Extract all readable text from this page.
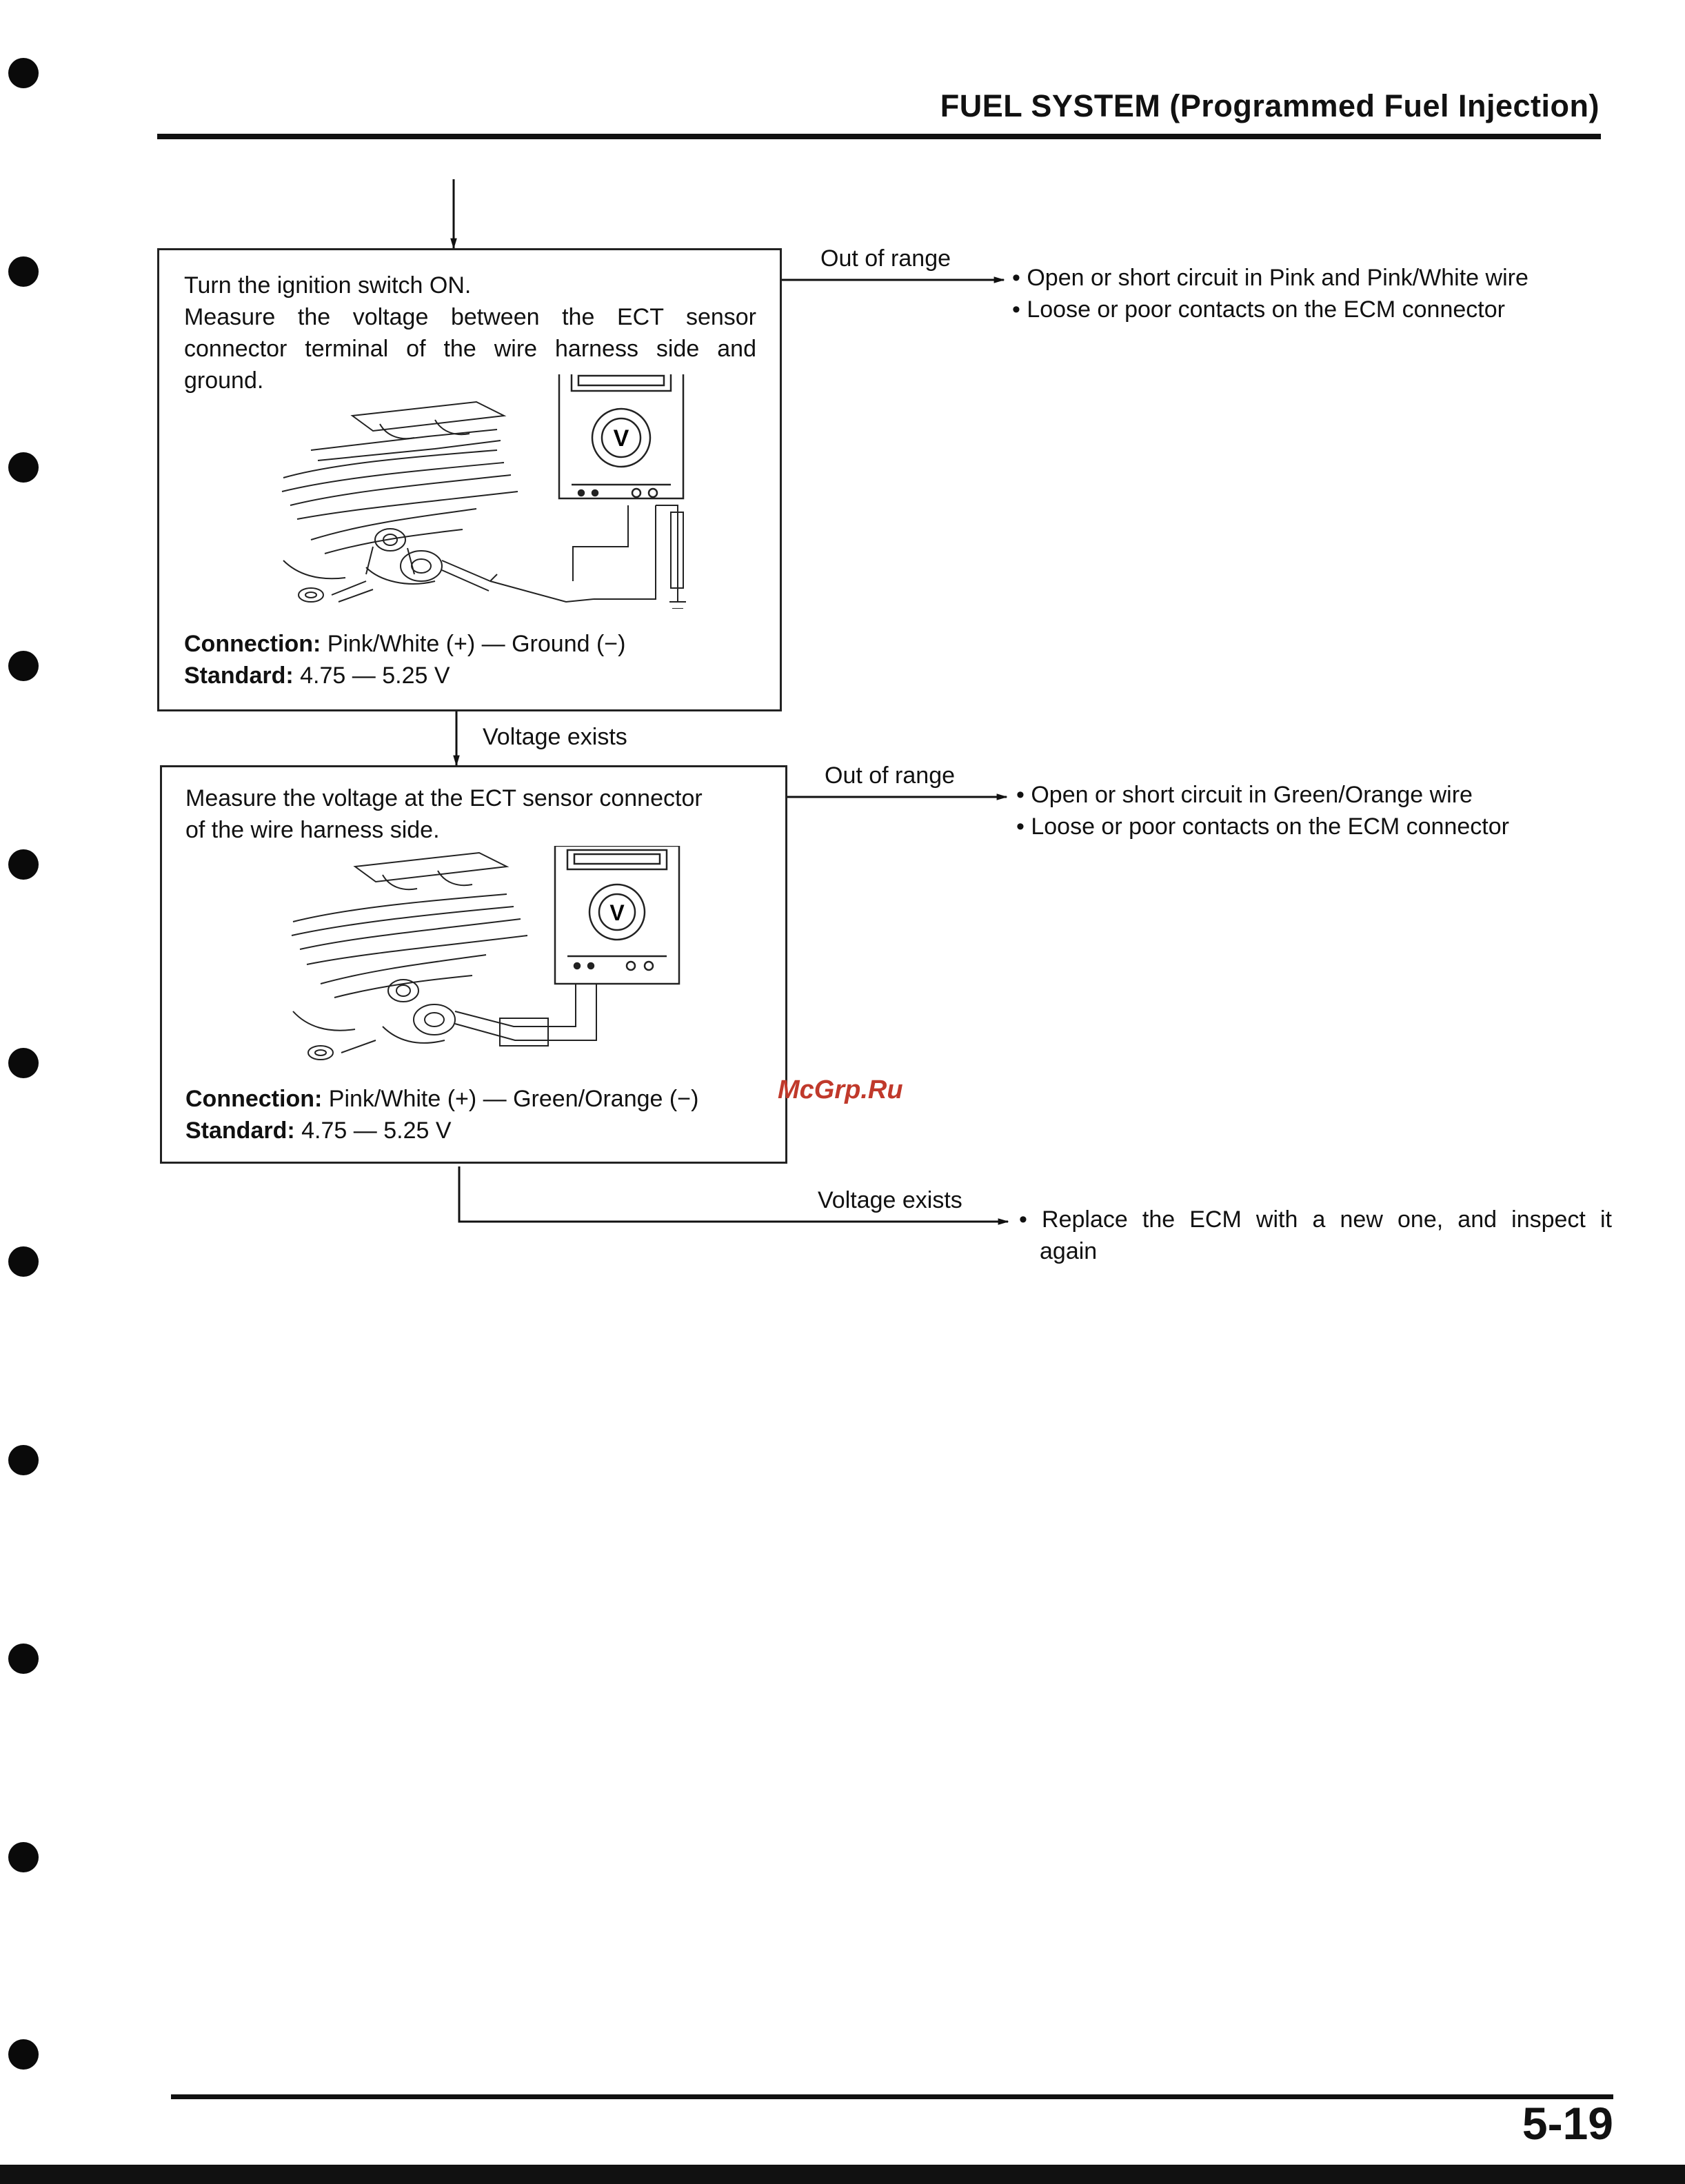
FUEL SYSTEM (Programmed Fuel Injection)
Turn the ignition switch ON.
Measure the voltage between the ECT sensor
connector terminal of the wire harness side and
ground.
V
Connection: Pink/White (+) — Ground (−)
Standard: 4.75 — 5.25 V
Out of range
• Open or short circuit in Pink and Pink/White wire
• Loose or poor contacts on the ECM connector
Voltage exists
Measure the voltage at the ECT sensor connector
of the wire harness side.
V
Connection: Pink/White (+) — Green/Orange (−)
Standard: 4.75 — 5.25 V
Out of range
• Open or short circuit in Green/Orange wire
• Loose or poor contacts on the ECM connector
Voltage exists
• Replace the ECM with a new one, and inspect it
again
McGrp.Ru
5-19
